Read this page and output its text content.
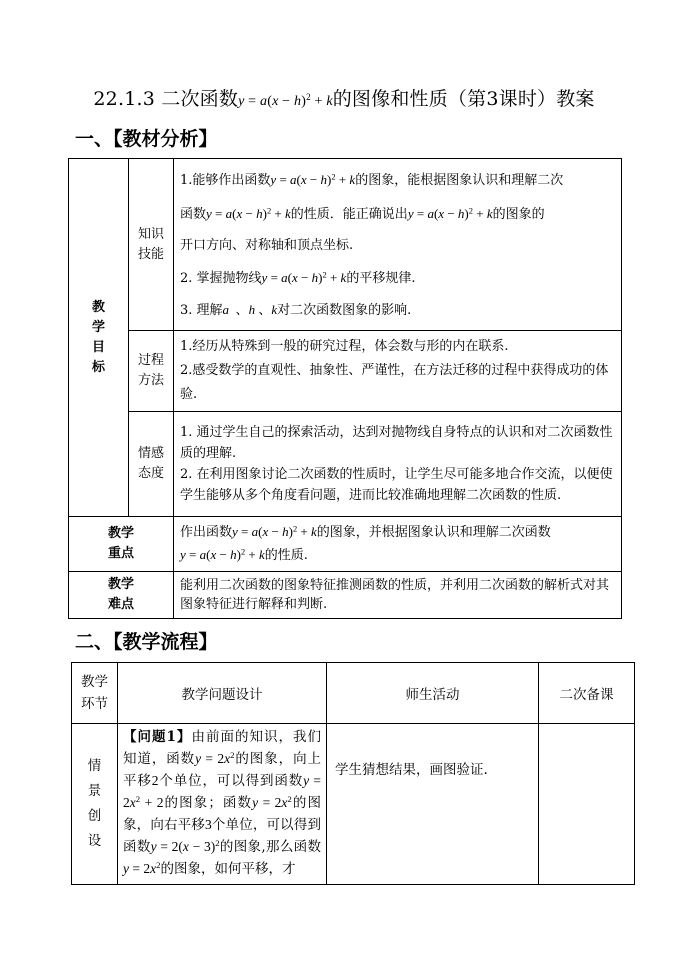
22.1.3 二次函数$y = a(x - h)^2 + k$的图像和性质（第3课时）教案
一、【教材分析】
教学目标	知识技能	1.能够作出函数$y = a(x - h)^2 + k$的图象，能根据图象认识和理解二次
函数$y = a(x - h)^2 + k$的性质．能正确说出$y = a(x - h)^2 + k$的图象的
开口方向、对称轴和顶点坐标.
2. 掌握抛物线$y = a(x - h)^2 + k$的平移规律.
3. 理解a  、h 、k对二次函数图象的影响.

	过程方法	1.经历从特殊到一般的研究过程，体会数与形的内在联系.
2.感受数学的直观性、抽象性、严谨性，在方法迁移的过程中获得成功的体验.

	情感态度	1. 通过学生自己的探索活动，达到对抛物线自身特点的认识和对二次函数性质的理解.
2. 在利用图象讨论二次函数的性质时，让学生尽可能多地合作交流，以便使学生能够从多个角度看问题，进而比较准确地理解二次函数的性质.

教学重点		作出函数$y = a(x - h)^2 + k$的图象，并根据图象认识和理解二次函数
$y = a(x - h)^2 + k$的性质.

教学难点		能利用二次函数的图象特征推测函数的性质，并利用二次函数的解析式对其图象特征进行解释和判断.
二、【教学流程】
教学环节	教学问题设计	师生活动	二次备课

情景创设	【问题1】由前面的知识，我们知道，函数$y = 2x^2$的图象，向上平移2个单位，可以得到函数$y = 2x^2 + 2$的图象；函数$y = 2x^2$的图象，向右平移3个单位，可以得到函数$y = 2(x - 3)^2$的图象,那么函数$y = 2x^2$的图象，如何平移，才	学生猜想结果，画图验证.	
